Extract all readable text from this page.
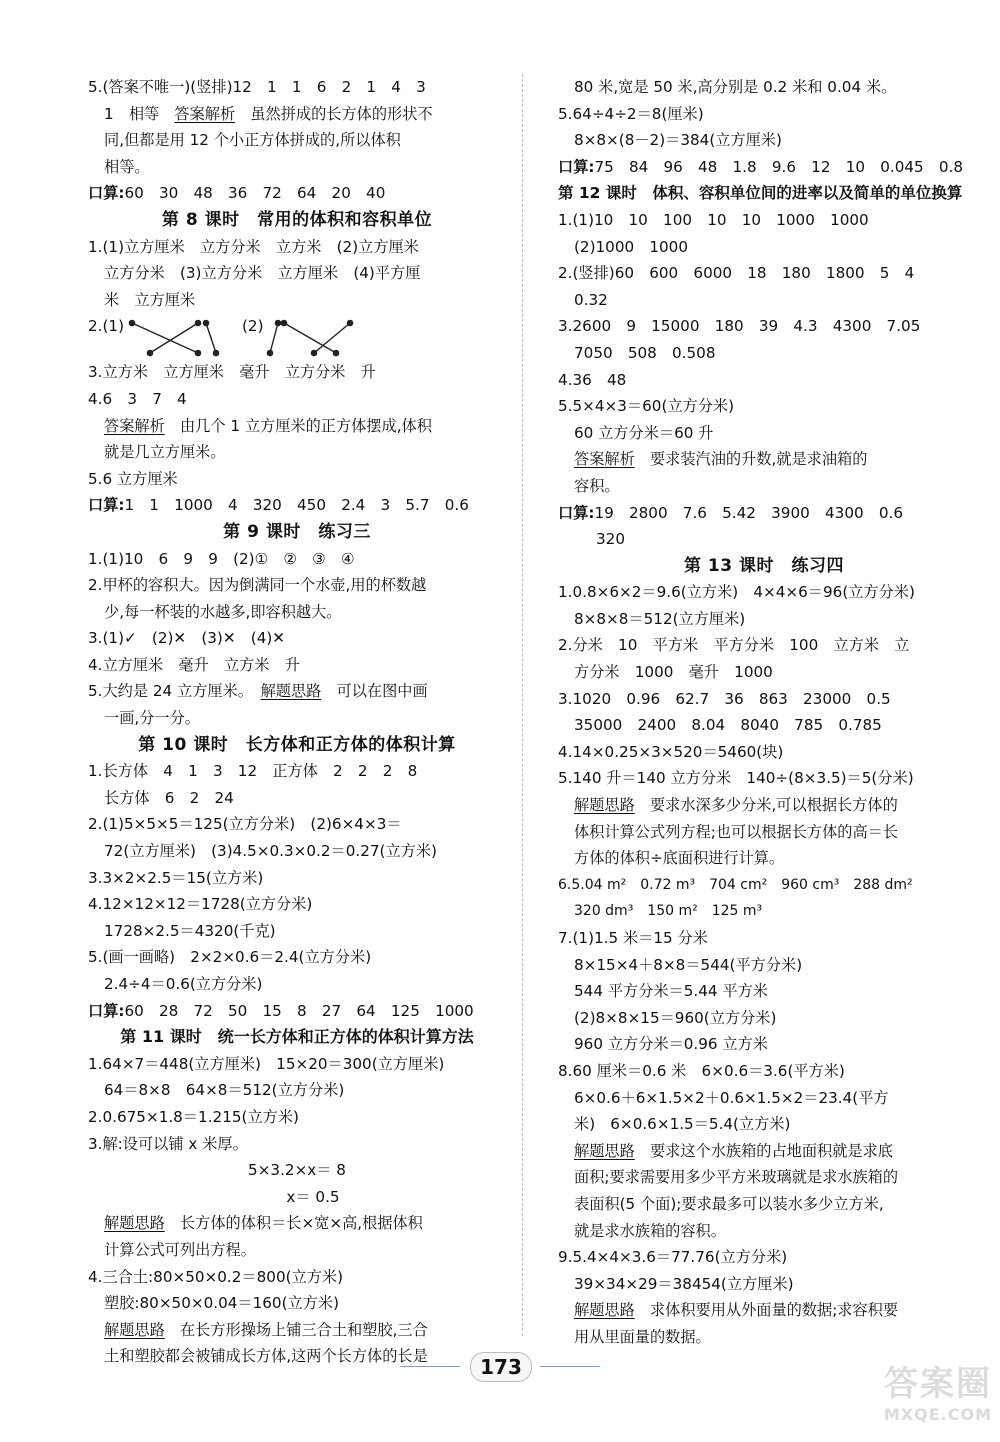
5.(答案不唯一)(竖排)12　1　1　6　2　1　4　3
1　相等　答案解析　 虽然拼成的长方体的形状不
同,但都是用 12 个小正方体拼成的,所以体积
相等。
口算:60　30　48　36　72　64　20　40
第 8 课时　常用的体积和容积单位
1.(1)立方厘米　立方分米　立方米　(2)立方厘米
立方分米　(3)立方分米　立方厘米　(4)平方厘
米　立方厘米
2.(1)	(2)
3.立方米　立方厘米　毫升　立方分米　升
4.6　3　7　4
答案解析　 由几个 1 立方厘米的正方体摆成,体积
就是几立方厘米。
5.6 立方厘米
口算:1　1　1000　4　320　450　2.4　3　5.7　0.6
第 9 课时　练习三
1.(1)10　6　9　9　(2)①　②　③　④
2.甲杯的容积大。因为倒满同一个水壶,用的杯数越
少,每一杯装的水越多,即容积越大。
3.(1)✓　(2)✕　(3)✕　(4)✕
4.立方厘米　毫升　立方米　升
5.大约是 24 立方厘米。　 解题思路　 可以在图中画
一画,分一分。
第 10 课时　长方体和正方体的体积计算
1.长方体　4　1　3　12　正方体　2　2　2　8
长方体　6　2　24
2.(1)5×5×5＝125(立方分米)　(2)6×4×3＝
72(立方厘米)　(3)4.5×0.3×0.2＝0.27(立方米)
3.3×2×2.5＝15(立方米)
4.12×12×12＝1728(立方分米)
1728×2.5＝4320(千克)
5.(画一画略)　2×2×0.6＝2.4(立方分米)
2.4÷4＝0.6(立方分米)
口算:60　28　72　50　15　8　27　64　125　1000
第 11 课时　统一长方体和正方体的体积计算方法
1.64×7＝448(立方厘米)　15×20＝300(立方厘米)
64＝8×8　64×8＝512(立方分米)
2.0.675×1.8＝1.215(立方米)
3.解:设可以铺 x 米厚。
5×3.2×x＝ 8
x＝ 0.5
解题思路　 长方体的体积＝长×宽×高,根据体积
计算公式可列出方程。
4.三合土:80×50×0.2＝800(立方米)
塑胶:80×50×0.04＝160(立方米)
解题思路　 在长方形操场上铺三合土和塑胶,三合
土和塑胶都会被铺成长方体,这两个长方体的长是
80 米,宽是 50 米,高分别是 0.2 米和 0.04 米。
5.64÷4÷2＝8(厘米)
8×8×(8－2)＝384(立方厘米)
口算:75　84　96　48　1.8　9.6　12　10　0.045　0.8
第 12 课时　体积、容积单位间的进率以及简单的单位换算
1.(1)10　10　100　10　10　1000　1000
(2)1000　1000
2.(竖排)60　600　6000　18　180　1800　5　4
0.32
3.2600　9　15000　180　39　4.3　4300　7.05
7050　508　0.508
4.36　48
5.5×4×3＝60(立方分米)
60 立方分米＝60 升
答案解析　 要求装汽油的升数,就是求油箱的
容积。
口算:19　2800　7.6　5.42　3900　4300　0.6
320
第 13 课时　练习四
1.0.8×6×2＝9.6(立方米)　4×4×6＝96(立方分米)
8×8×8＝512(立方厘米)
2.分米　10　平方米　平方分米　100　立方米　立
方分米　1000　毫升　1000
3.1020　0.96　62.7　36　863　23000　0.5
35000　2400　8.04　8040　785　0.785
4.14×0.25×3×520＝5460(块)
5.140 升＝140 立方分米　140÷(8×3.5)＝5(分米)
解题思路　 要求水深多少分米,可以根据长方体的
体积计算公式列方程;也可以根据长方体的高＝长
方体的体积÷底面积进行计算。
6.5.04 m²　0.72 m³　704 cm²　960 cm³　288 dm²
320 dm³　150 m²　125 m³
7.(1)1.5 米＝15 分米
8×15×4＋8×8＝544(平方分米)
544 平方分米＝5.44 平方米
(2)8×8×15＝960(立方分米)
960 立方分米＝0.96 立方米
8.60 厘米＝0.6 米　6×0.6＝3.6(平方米)
6×0.6＋6×1.5×2＋0.6×1.5×2＝23.4(平方
米)　6×0.6×1.5＝5.4(立方米)
解题思路　 要求这个水族箱的占地面积就是求底
面积;要求需要用多少平方米玻璃就是求水族箱的
表面积(5 个面);要求最多可以装水多少立方米,
就是求水族箱的容积。
9.5.4×4×3.6＝77.76(立方分米)
39×34×29＝38454(立方厘米)
解题思路　 求体积要用从外面量的数据;求容积要
用从里面量的数据。
173	答案圈
MXQE.COM
